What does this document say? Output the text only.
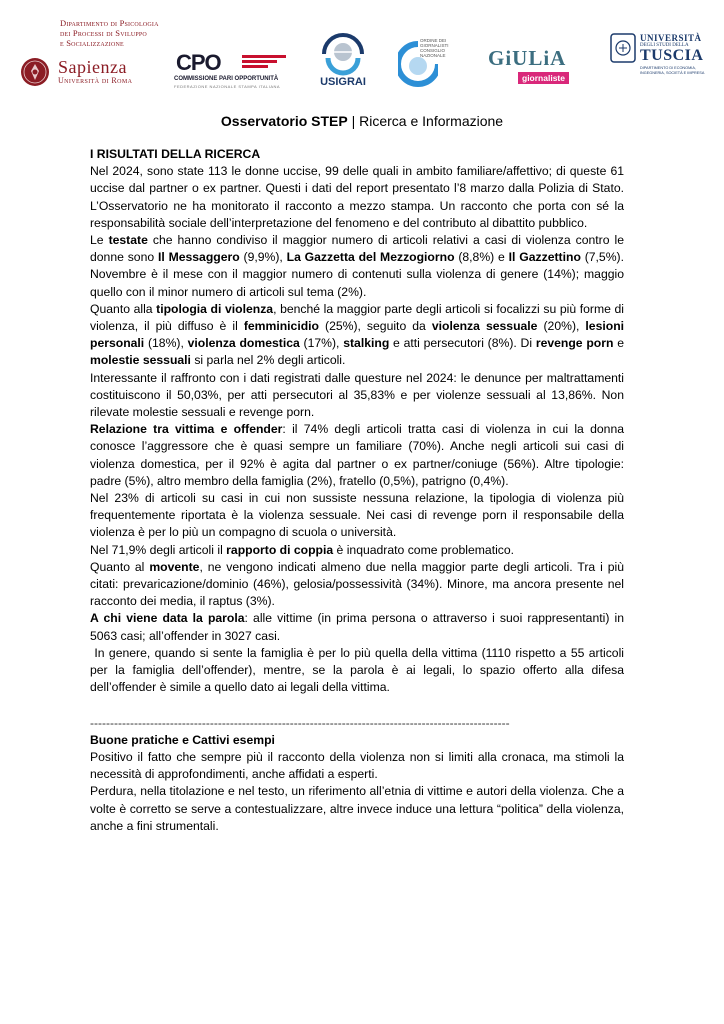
Dipartimento di Psicologia
dei Processi di Sviluppo
e Socializzazione
Sapienza
Università di Roma
CPO
COMMISSIONE PARI OPPORTUNITÀ
FEDERAZIONE NAZIONALE STAMPA ITALIANA	USIGRAI
ORDINE DEI GIORNALISTI CONSIGLIO NAZIONALE	GiULiA
giornaliste
UNIVERSITÀ
DEGLI STUDI DELLA
TUSCIA
DIPARTIMENTO DI ECONOMIA, INGEGNERIA, SOCIETÀ E IMPRESA
Osservatorio STEP | Ricerca e Informazione
I RISULTATI DELLA RICERCA

Nel 2024, sono state 113 le donne uccise, 99 delle quali in ambito familiare/affettivo; di queste 61 uccise dal partner o ex partner. Questi i dati del report presentato l’8 marzo dalla Polizia di Stato. L’Osservatorio ne ha monitorato il racconto a mezzo stampa. Un racconto che porta con sé la responsabilità sociale dell’interpretazione del fenomeno e del contributo al dibattito pubblico.

Le testate che hanno condiviso il maggior numero di articoli relativi a casi di violenza contro le donne sono Il Messaggero (9,9%), La Gazzetta del Mezzogiorno (8,8%) e Il Gazzettino (7,5%). Novembre è il mese con il maggior numero di contenuti sulla violenza di genere (14%); maggio quello con il minor numero di articoli sul tema (2%).

Quanto alla tipologia di violenza, benché la maggior parte degli articoli si focalizzi su più forme di violenza, il più diffuso è il femminicidio (25%), seguito da violenza sessuale (20%), lesioni personali (18%), violenza domestica (17%), stalking e atti persecutori (8%). Di revenge porn e molestie sessuali si parla nel 2% degli articoli.

Interessante il raffronto con i dati registrati dalle questure nel 2024: le denunce per maltrattamenti costituiscono il 50,03%, per atti persecutori al 35,83% e per violenze sessuali al 13,86%. Non rilevate molestie sessuali e revenge porn.

Relazione tra vittima e offender: il 74% degli articoli tratta casi di violenza in cui la donna conosce l’aggressore che è quasi sempre un familiare (70%). Anche negli articoli sui casi di violenza domestica, per il 92% è agita dal partner o ex partner/coniuge (56%). Altre tipologie: padre (5%), altro membro della famiglia (2%), fratello (0,5%), patrigno (0,4%).

Nel 23% di articoli su casi in cui non sussiste nessuna relazione, la tipologia di violenza più frequentemente riportata è la violenza sessuale. Nei casi di revenge porn il responsabile della violenza è per lo più un compagno di scuola o università.

Nel 71,9% degli articoli il rapporto di coppia è inquadrato come problematico.

Quanto al movente, ne vengono indicati almeno due nella maggior parte degli articoli. Tra i più citati: prevaricazione/dominio (46%), gelosia/possessività (34%). Minore, ma ancora presente nel racconto dei media, il raptus (3%).

A chi viene data la parola: alle vittime (in prima persona o attraverso i suoi rappresentanti) in 5063 casi; all’offender in 3027 casi.

In genere, quando si sente la famiglia è per lo più quella della vittima (1110 rispetto a 55 articoli per la famiglia dell’offender), mentre, se la parola è ai legali, lo spazio offerto alla difesa dell’offender è simile a quello dato ai legali della vittima.

---------------------------------------------------------------------------------------------------------
Buone pratiche e Cattivi esempi

Positivo il fatto che sempre più il racconto della violenza non si limiti alla cronaca, ma stimoli la necessità di approfondimenti, anche affidati a esperti.

Perdura, nella titolazione e nel testo, un riferimento all’etnia di vittime e autori della violenza. Che a volte è corretto se serve a contestualizzare, altre invece induce una lettura “politica” della violenza, anche a fini strumentali.
